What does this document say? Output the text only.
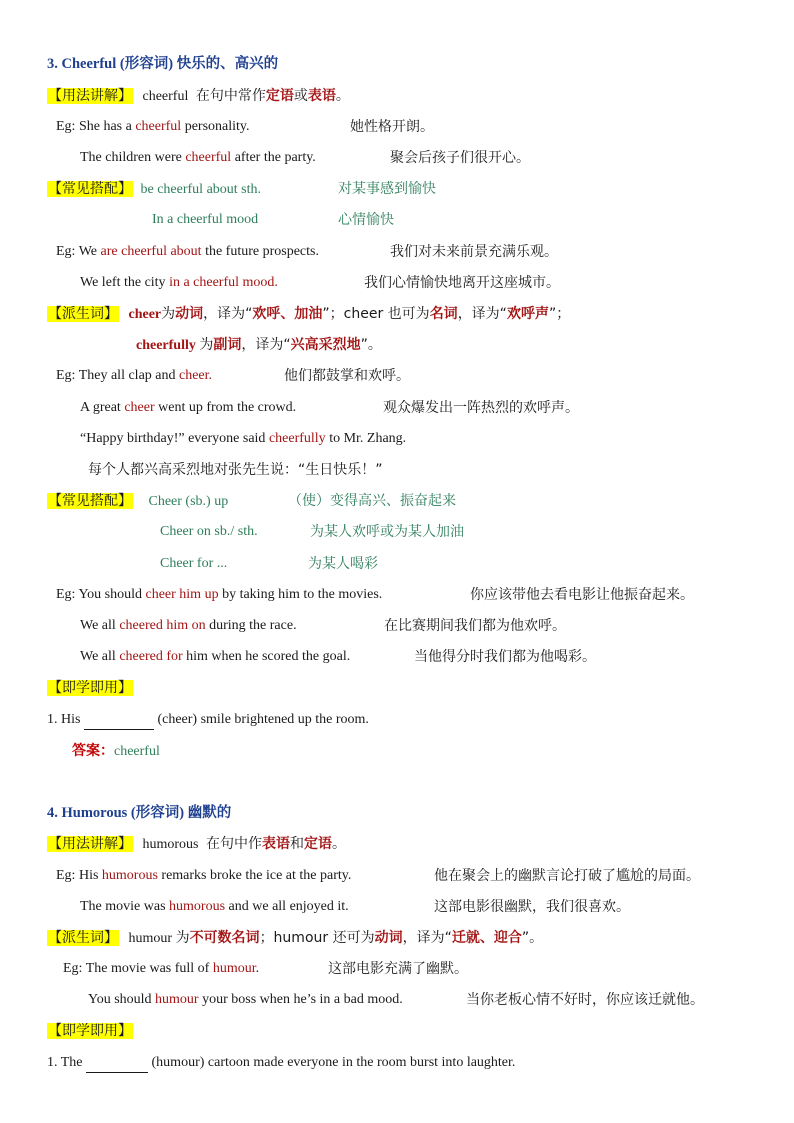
3. Cheerful (形容词) 快乐的、高兴的
【用法讲解】 cheerful 在句中常作定语或表语。
Eg: She has a cheerful personality.	她性格开朗。
The children were cheerful after the party.	聚会后孩子们很开心。
【常见搭配】 be cheerful about sth.	对某事感到愉快
In a cheerful mood	心情愉快
Eg: We are cheerful about the future prospects.	我们对未来前景充满乐观。
We left the city in a cheerful mood.	我们心情愉快地离开这座城市。
【派生词】 cheer为动词，译为“欢呼、加油”；cheer 也可为名词，译为“欢呼声”；
cheerfully 为副词，译为“兴高采烈地”。
Eg: They all clap and cheer.	他们都鼓掌和欢呼。
A great cheer went up from the crowd.	观众爆发出一阵热烈的欢呼声。
“Happy birthday!” everyone said cheerfully to Mr. Zhang.
每个人都兴高采烈地对张先生说：“生日快乐！”
【常见搭配】 Cheer (sb.) up	（使）变得高兴、振奋起来
Cheer on sb./ sth.	为某人欢呼或为某人加油
Cheer for ...	为某人喝彩
Eg: You should cheer him up by taking him to the movies.	你应该带他去看电影让他振奋起来。
We all cheered him on during the race.	在比赛期间我们都为他欢呼。
We all cheered for him when he scored the goal.	当他得分时我们都为他喝彩。
【即学即用】
1. His	(cheer) smile brightened up the room.
答案：cheerful
4. Humorous (形容词) 幽默的
【用法讲解】 humorous 在句中作表语和定语。
Eg: His humorous remarks broke the ice at the party.	他在聚会上的幽默言论打破了尴尬的局面。
The movie was humorous and we all enjoyed it.	这部电影很幽默，我们很喜欢。
【派生词】 humour 为不可数名词；humour 还可为动词，译为“迁就、迎合”。
Eg: The movie was full of humour.	这部电影充满了幽默。
You should humour your boss when he’s in a bad mood.	当你老板心情不好时，你应该迁就他。
【即学即用】
1. The	(humour) cartoon made everyone in the room burst into laughter.
